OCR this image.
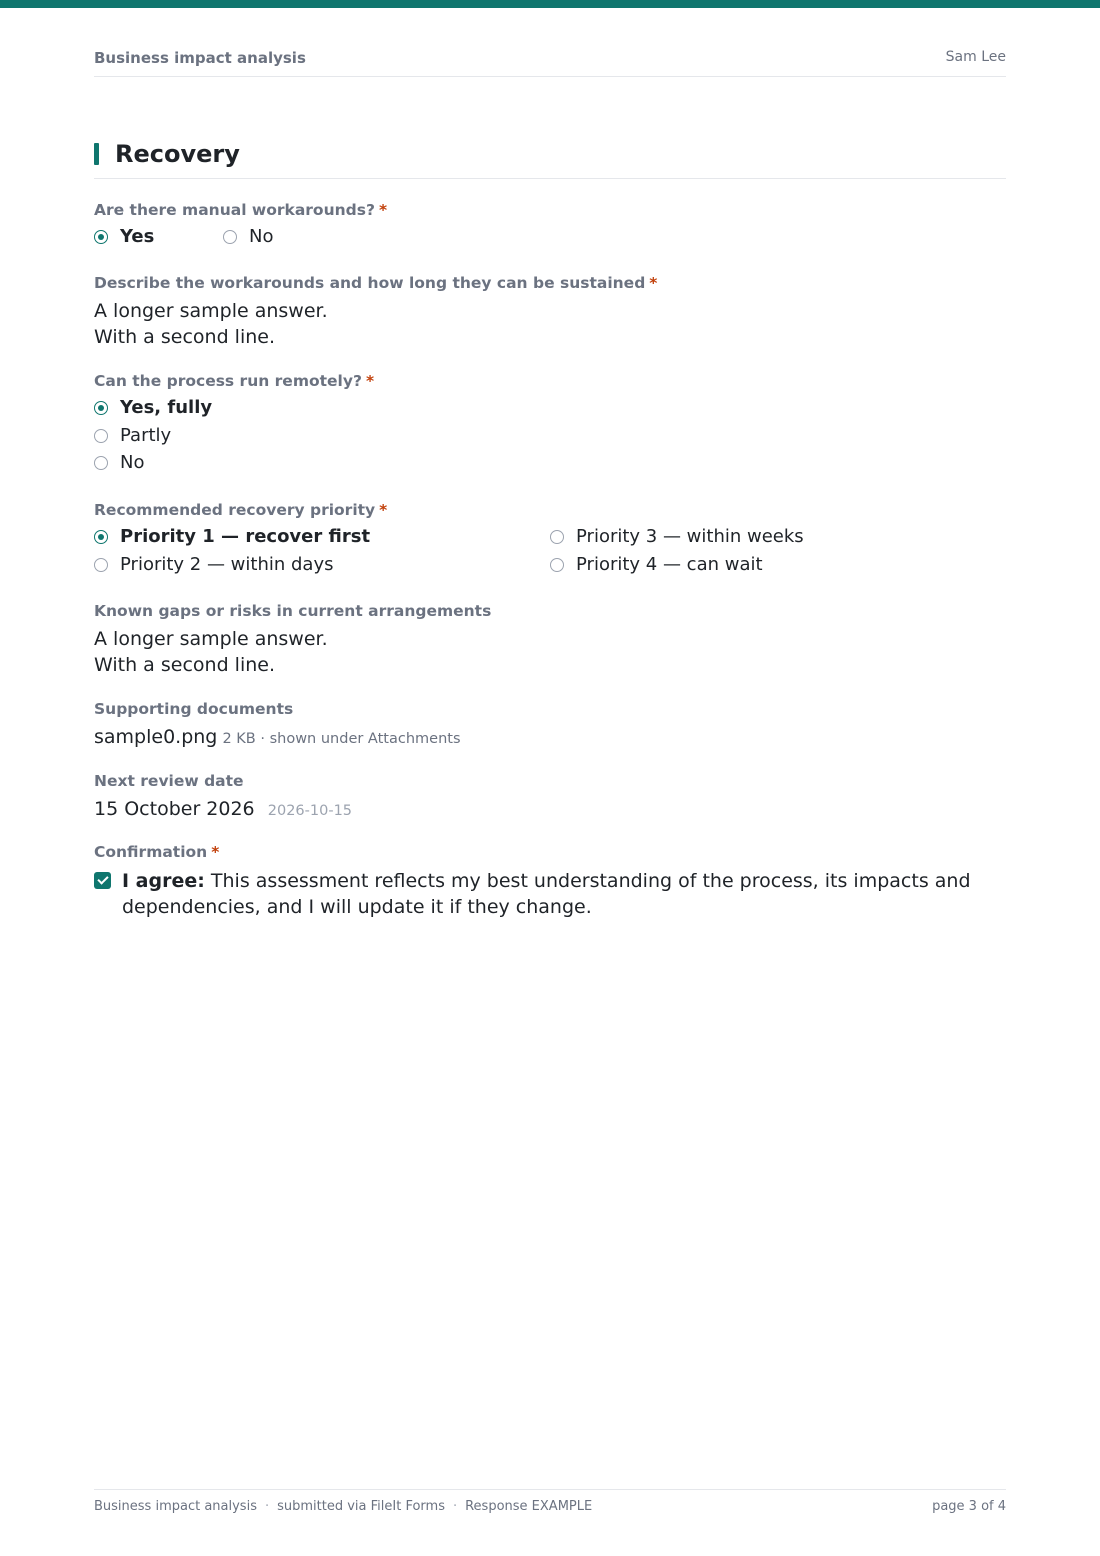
Business impact analysis	Sam Lee
Recovery
Are there manual workarounds? *
Yes	No
Describe the workarounds and how long they can be sustained *
A longer sample answer.
With a second line.
Can the process run remotely? *
Yes, fully
Partly
No
Recommended recovery priority *
Priority 1 — recover first
Priority 2 — within days
Priority 3 — within weeks
Priority 4 — can wait
Known gaps or risks in current arrangements
A longer sample answer.
With a second line.
Supporting documents
sample0.png 2 KB · shown under Attachments
Next review date
15 October 2026 2026-10-15
Confirmation *
I agree: This assessment reflects my best understanding of the process, its impacts and dependencies, and I will update it if they change.
Business impact analysis · submitted via FileIt Forms · Response EXAMPLE	page 3 of 4
